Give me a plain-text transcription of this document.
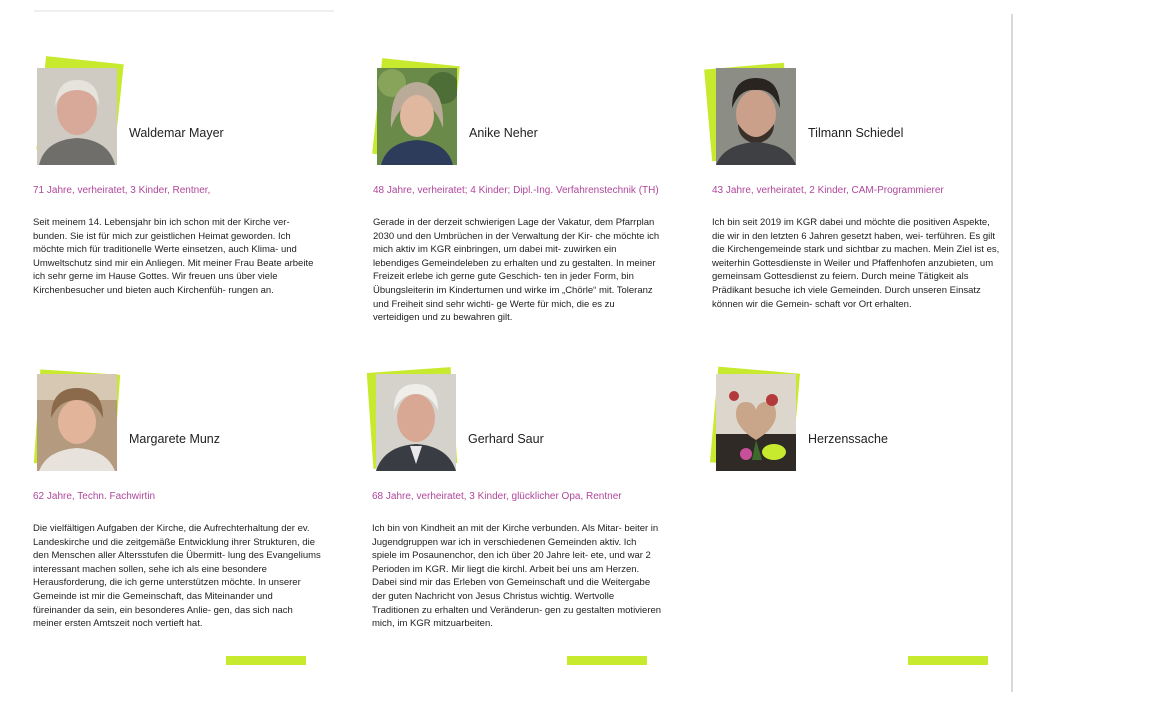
Waldemar Mayer
71 Jahre, verheiratet, 3 Kinder, Rentner,
Seit meinem 14. Lebensjahr bin ich schon mit der Kirche ver- bunden. Sie ist für mich zur geistlichen Heimat geworden. Ich möchte mich für traditionelle Werte einsetzen, auch Klima- und Umweltschutz sind mir ein Anliegen. Mit meiner Frau Beate arbeite ich sehr gerne im Hause Gottes. Wir freuen uns über viele Kirchenbesucher und bieten auch Kirchenfüh- rungen an.
Anike Neher
48 Jahre, verheiratet; 4 Kinder; Dipl.-Ing. Verfahrenstechnik (TH)
Gerade in der derzeit schwierigen Lage der Vakatur, dem Pfarrplan 2030 und den Umbrüchen in der Verwaltung der Kir- che möchte ich mich aktiv im KGR einbringen, um dabei mit- zuwirken ein lebendiges Gemeindeleben zu erhalten und zu gestalten. In meiner Freizeit erlebe ich gerne gute Geschich- ten in jeder Form, bin Übungsleiterin im Kinderturnen und wirke im „Chörle“ mit. Toleranz und Freiheit sind sehr wichti- ge Werte für mich, die es zu verteidigen und zu bewahren gilt.
Tilmann Schiedel
43 Jahre, verheiratet, 2 Kinder, CAM-Programmierer
Ich bin seit 2019 im KGR dabei und möchte die positiven Aspekte, die wir in den letzten 6 Jahren gesetzt haben, wei- terführen. Es gilt die Kirchengemeinde stark und sichtbar zu machen. Mein Ziel ist es, weiterhin Gottesdienste in Weiler und Pfaffenhofen anzubieten, um gemeinsam Gottesdienst zu feiern. Durch meine Tätigkeit als Prädikant besuche ich viele Gemeinden. Durch unseren Einsatz können wir die Gemein- schaft vor Ort erhalten.
Margarete Munz
62 Jahre, Techn. Fachwirtin
Die vielfältigen Aufgaben der Kirche, die Aufrechterhaltung der ev. Landeskirche und die zeitgemäße Entwicklung ihrer Strukturen, die den Menschen aller Altersstufen die Übermitt- lung des Evangeliums interessant machen sollen, sehe ich als eine besondere Herausforderung, die ich gerne unterstützen möchte. In unserer Gemeinde ist mir die Gemeinschaft, das Miteinander und füreinander da sein, ein besonderes Anlie- gen, das sich nach meiner ersten Amtszeit noch vertieft hat.
Gerhard Saur
68 Jahre, verheiratet, 3 Kinder, glücklicher Opa, Rentner
Ich bin von Kindheit an mit der Kirche verbunden. Als Mitar- beiter in Jugendgruppen war ich in verschiedenen Gemeinden aktiv. Ich spiele im Posaunenchor, den ich über 20 Jahre leit- ete, und war 2 Perioden im KGR. Mir liegt die kirchl. Arbeit bei uns am Herzen. Dabei sind mir das Erleben von Gemeinschaft und die Weitergabe der guten Nachricht von Jesus Christus wichtig. Wertvolle Traditionen zu erhalten und Veränderun- gen zu gestalten motivieren mich, im KGR mitzuarbeiten.
Herzenssache
